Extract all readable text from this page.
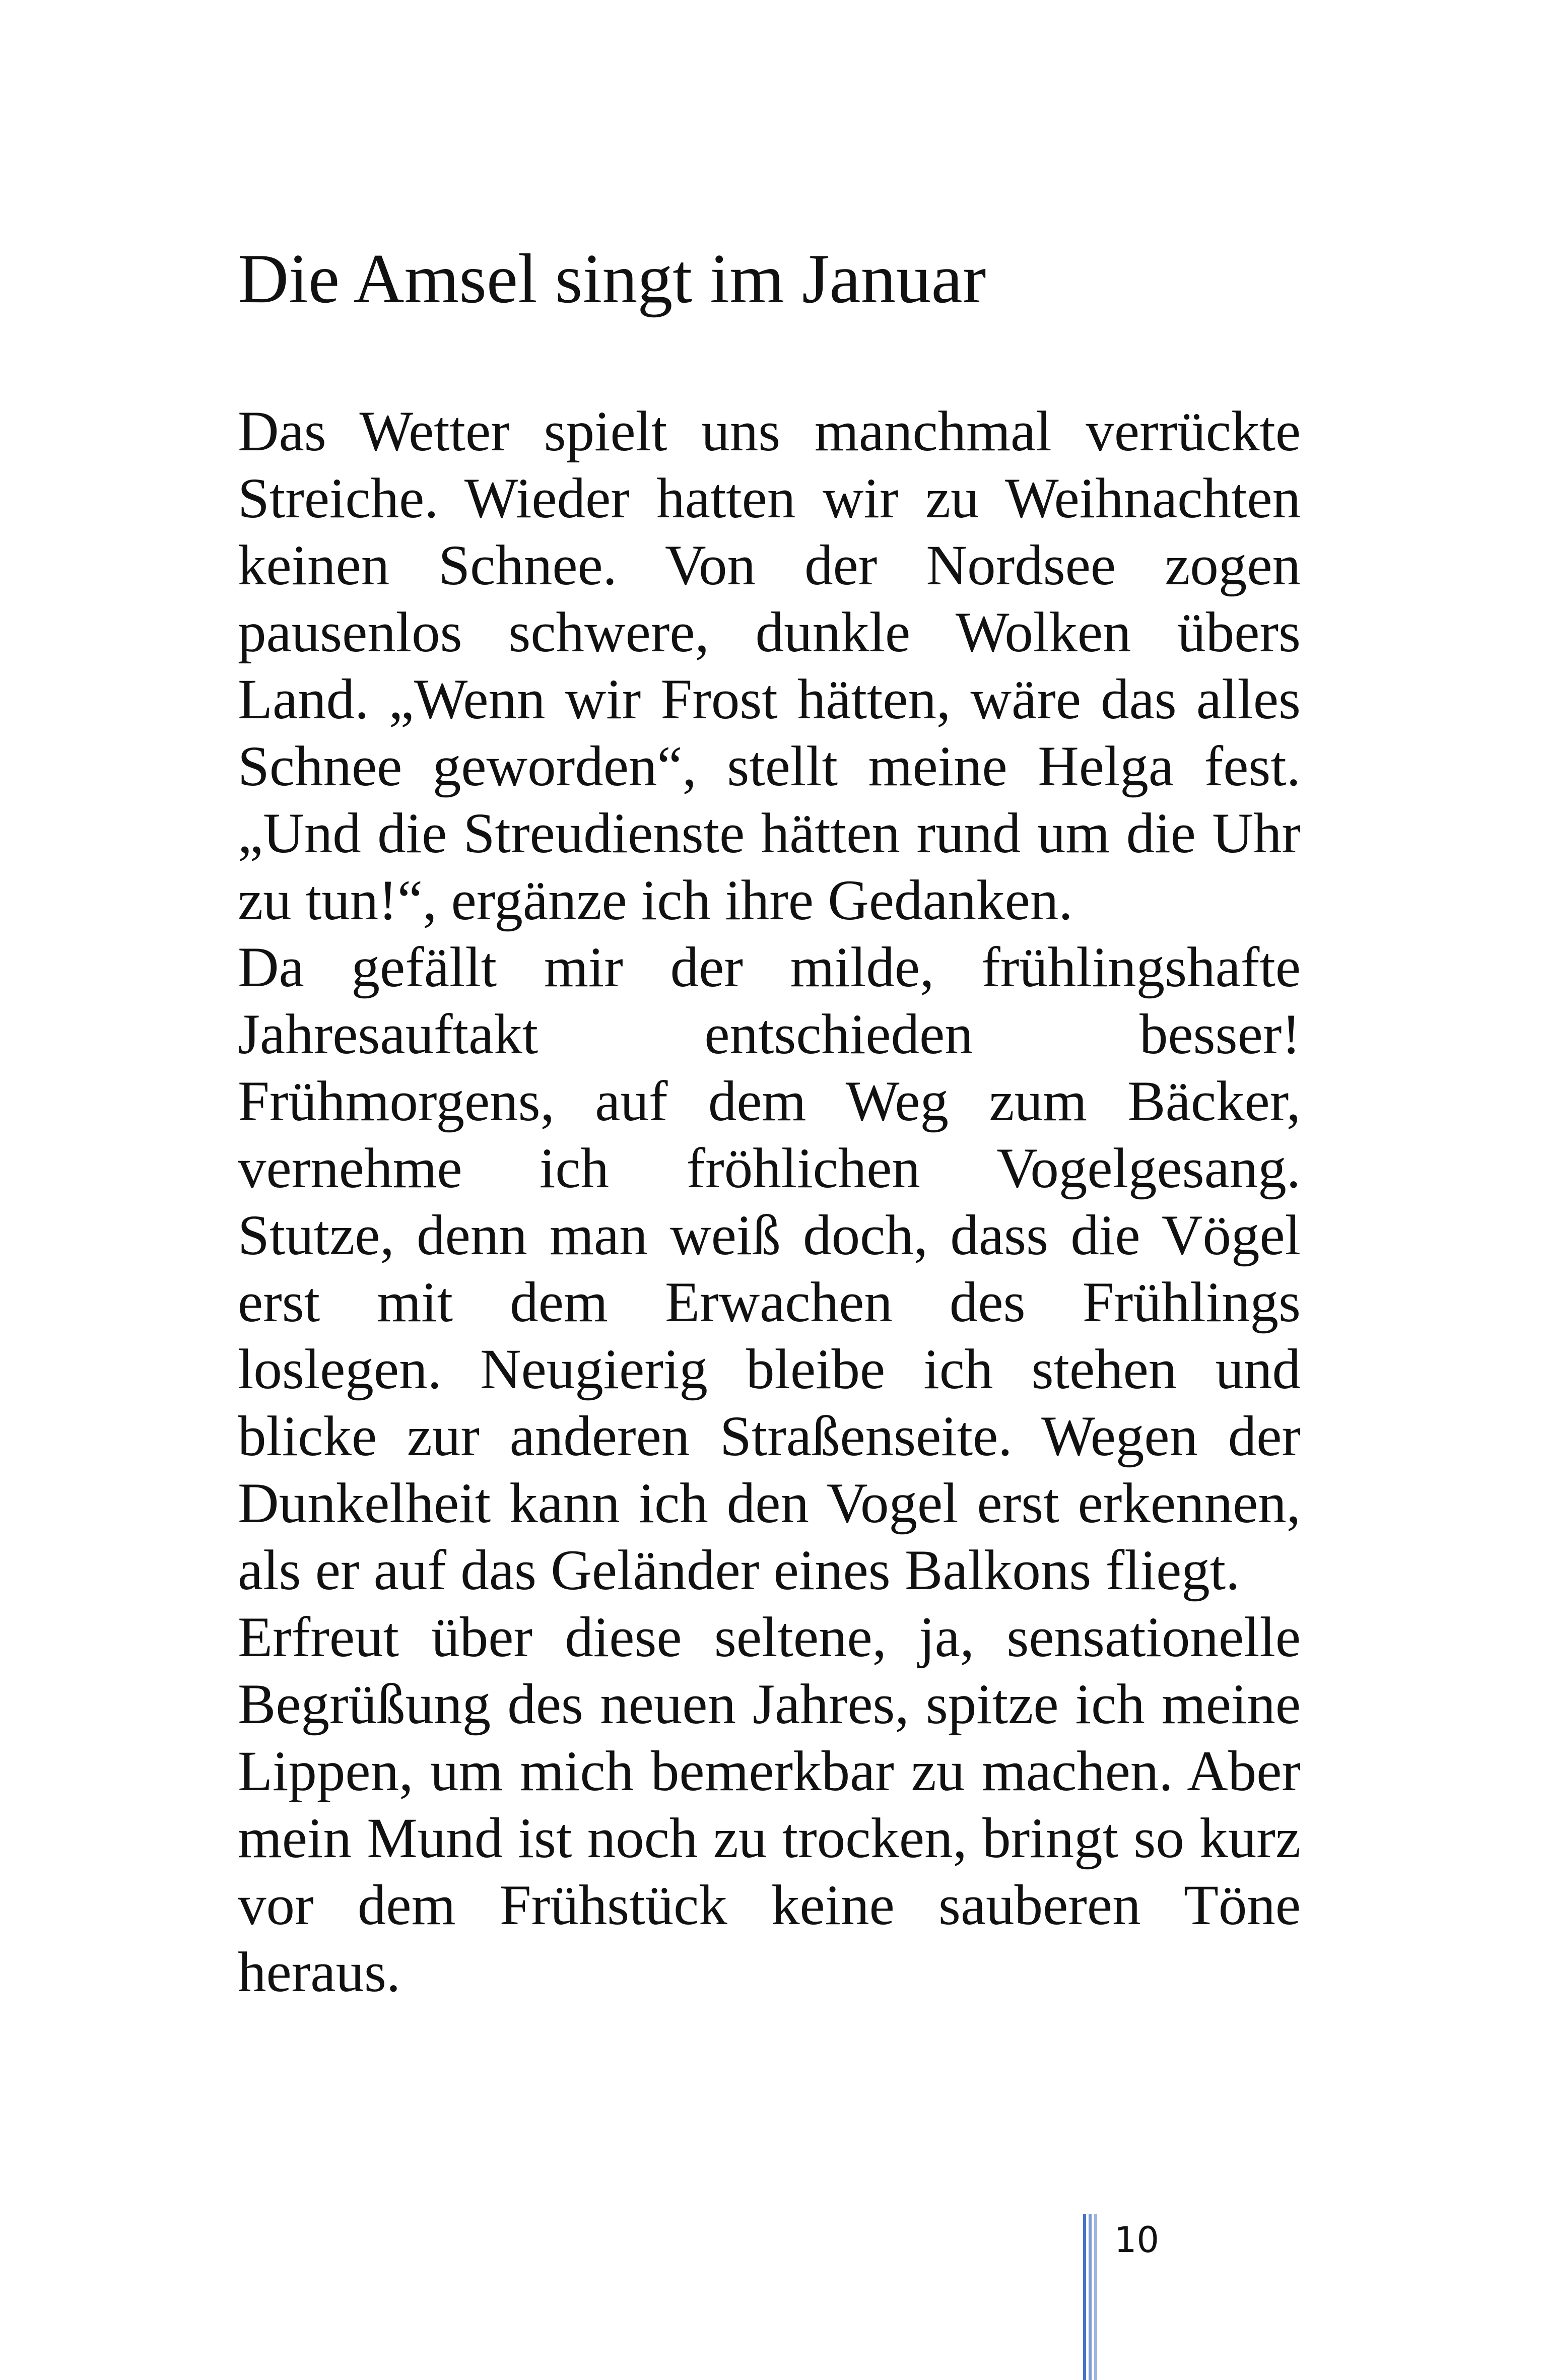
Die Amsel singt im Januar
Das Wetter spielt uns manchmal verrückte
Streiche. Wieder hatten wir zu Weihnachten
keinen Schnee. Von der Nordsee zogen
pausenlos schwere, dunkle Wolken übers
Land. „Wenn wir Frost hätten, wäre das alles
Schnee geworden“, stellt meine Helga fest.
„Und die Streudienste hätten rund um die Uhr
zu tun!“, ergänze ich ihre Gedanken.
Da gefällt mir der milde, frühlingshafte
Jahresauftakt entschieden besser!
Frühmorgens, auf dem Weg zum Bäcker,
vernehme ich fröhlichen Vogelgesang.
Stutze, denn man weiß doch, dass die Vögel
erst mit dem Erwachen des Frühlings
loslegen. Neugierig bleibe ich stehen und
blicke zur anderen Straßenseite. Wegen der
Dunkelheit kann ich den Vogel erst erkennen,
als er auf das Geländer eines Balkons fliegt.
Erfreut über diese seltene, ja, sensationelle
Begrüßung des neuen Jahres, spitze ich meine
Lippen, um mich bemerkbar zu machen. Aber
mein Mund ist noch zu trocken, bringt so kurz
vor dem Frühstück keine sauberen Töne
heraus.
10
